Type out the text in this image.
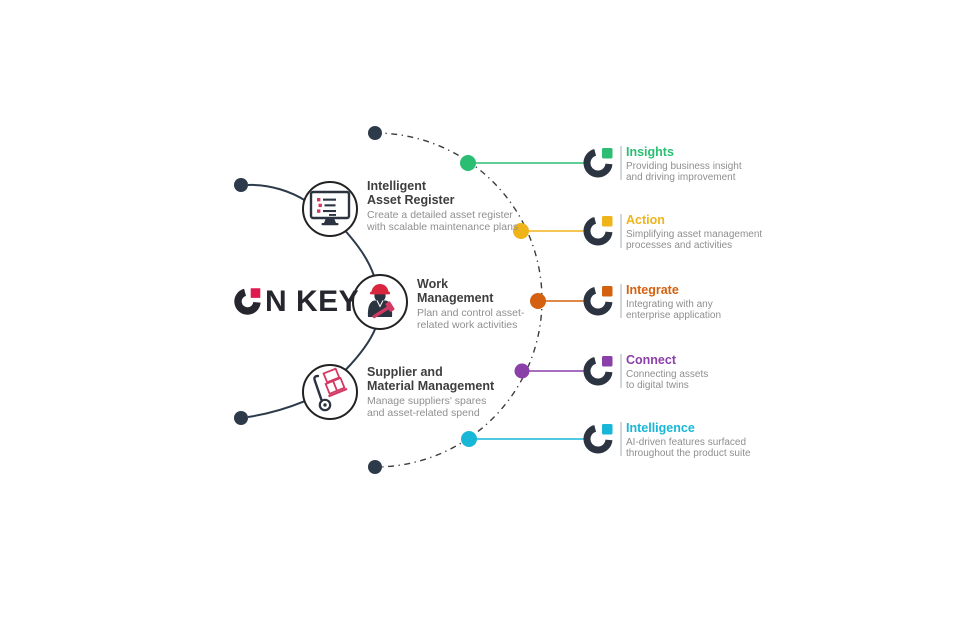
N KEY
Intelligent
Asset Register
Create a detailed asset register
with scalable maintenance plans
Work
Management
Plan and control asset-
related work activities
Supplier and
Material Management
Manage suppliers' spares
and asset-related spend
Insights
Providing business insight
and driving improvement
Action
Simplifying asset management
processes and activities
Integrate
Integrating with any
enterprise application
Connect
Connecting assets
to digital twins
Intelligence
AI-driven features surfaced
throughout the product suite
